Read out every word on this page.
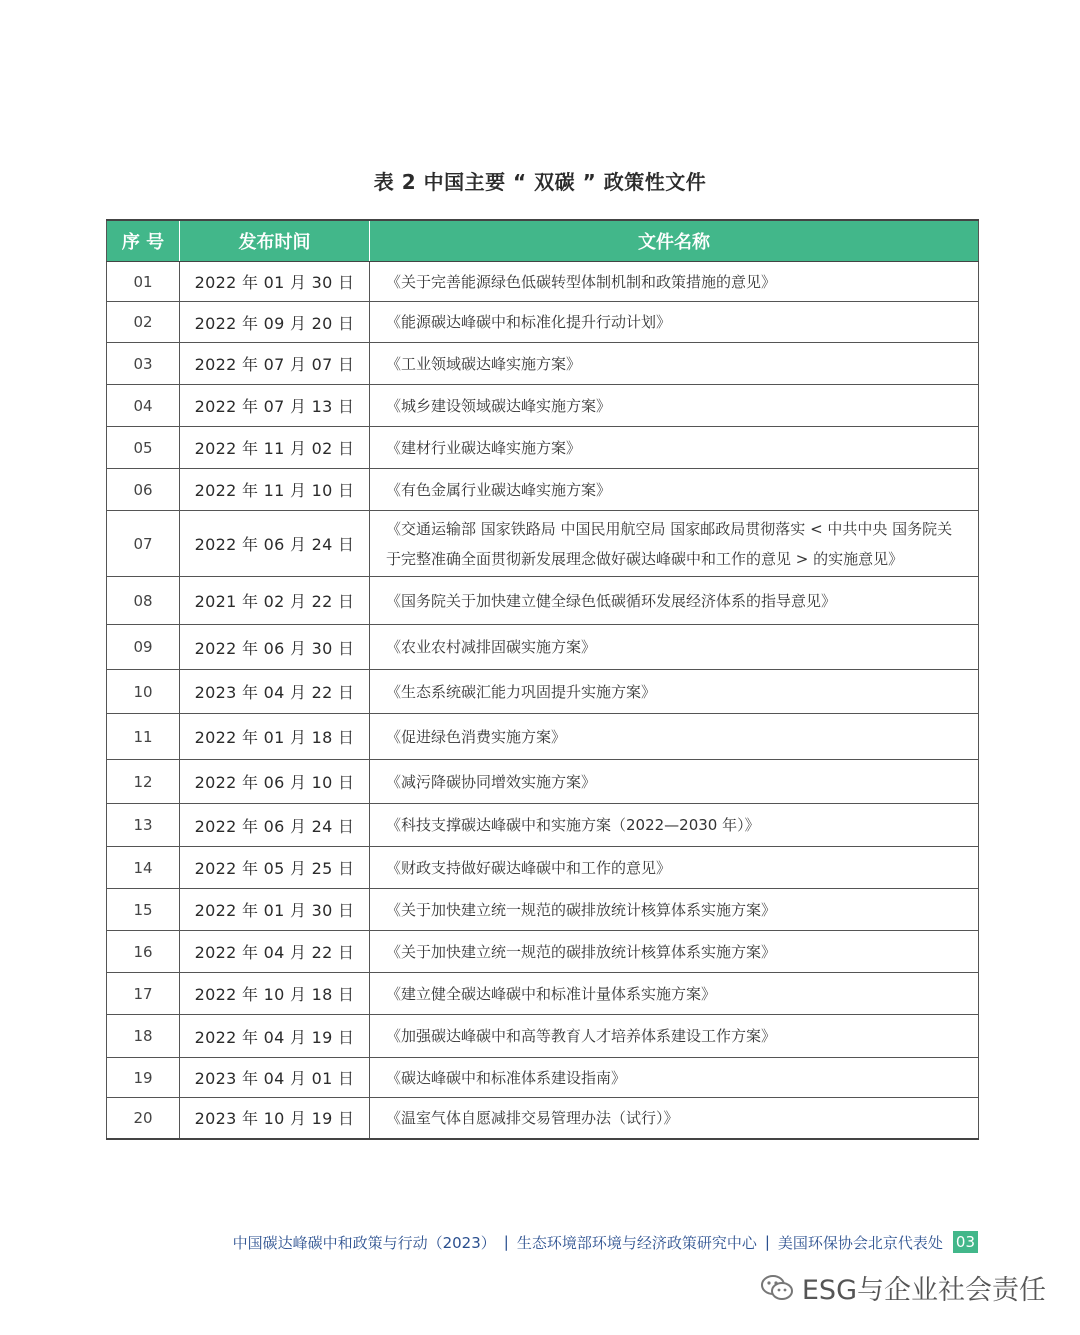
表 2 中国主要 “ 双碳 ” 政策性文件
序 号	发布时间	文件名称
01	2022 年 01 月 30 日	《关于完善能源绿色低碳转型体制机制和政策措施的意见》
02	2022 年 09 月 20 日	《能源碳达峰碳中和标准化提升行动计划》
03	2022 年 07 月 07 日	《工业领域碳达峰实施方案》
04	2022 年 07 月 13 日	《城乡建设领域碳达峰实施方案》
05	2022 年 11 月 02 日	《建材行业碳达峰实施方案》
06	2022 年 11 月 10 日	《有色金属行业碳达峰实施方案》
07	2022 年 06 月 24 日	《交通运输部 国家铁路局 中国民用航空局 国家邮政局贯彻落实 < 中共中央 国务院关于完整准确全面贯彻新发展理念做好碳达峰碳中和工作的意见 > 的实施意见》
08	2021 年 02 月 22 日	《国务院关于加快建立健全绿色低碳循环发展经济体系的指导意见》
09	2022 年 06 月 30 日	《农业农村减排固碳实施方案》
10	2023 年 04 月 22 日	《生态系统碳汇能力巩固提升实施方案》
11	2022 年 01 月 18 日	《促进绿色消费实施方案》
12	2022 年 06 月 10 日	《减污降碳协同增效实施方案》
13	2022 年 06 月 24 日	《科技支撑碳达峰碳中和实施方案（2022—2030 年）》
14	2022 年 05 月 25 日	《财政支持做好碳达峰碳中和工作的意见》
15	2022 年 01 月 30 日	《关于加快建立统一规范的碳排放统计核算体系实施方案》
16	2022 年 04 月 22 日	《关于加快建立统一规范的碳排放统计核算体系实施方案》
17	2022 年 10 月 18 日	《建立健全碳达峰碳中和标准计量体系实施方案》
18	2022 年 04 月 19 日	《加强碳达峰碳中和高等教育人才培养体系建设工作方案》
19	2023 年 04 月 01 日	《碳达峰碳中和标准体系建设指南》
20	2023 年 10 月 19 日	《温室气体自愿减排交易管理办法（试行）》
中国碳达峰碳中和政策与行动（2023） | 生态环境部环境与经济政策研究中心 | 美国环保协会北京代表处 03
ESG与企业社会责任
